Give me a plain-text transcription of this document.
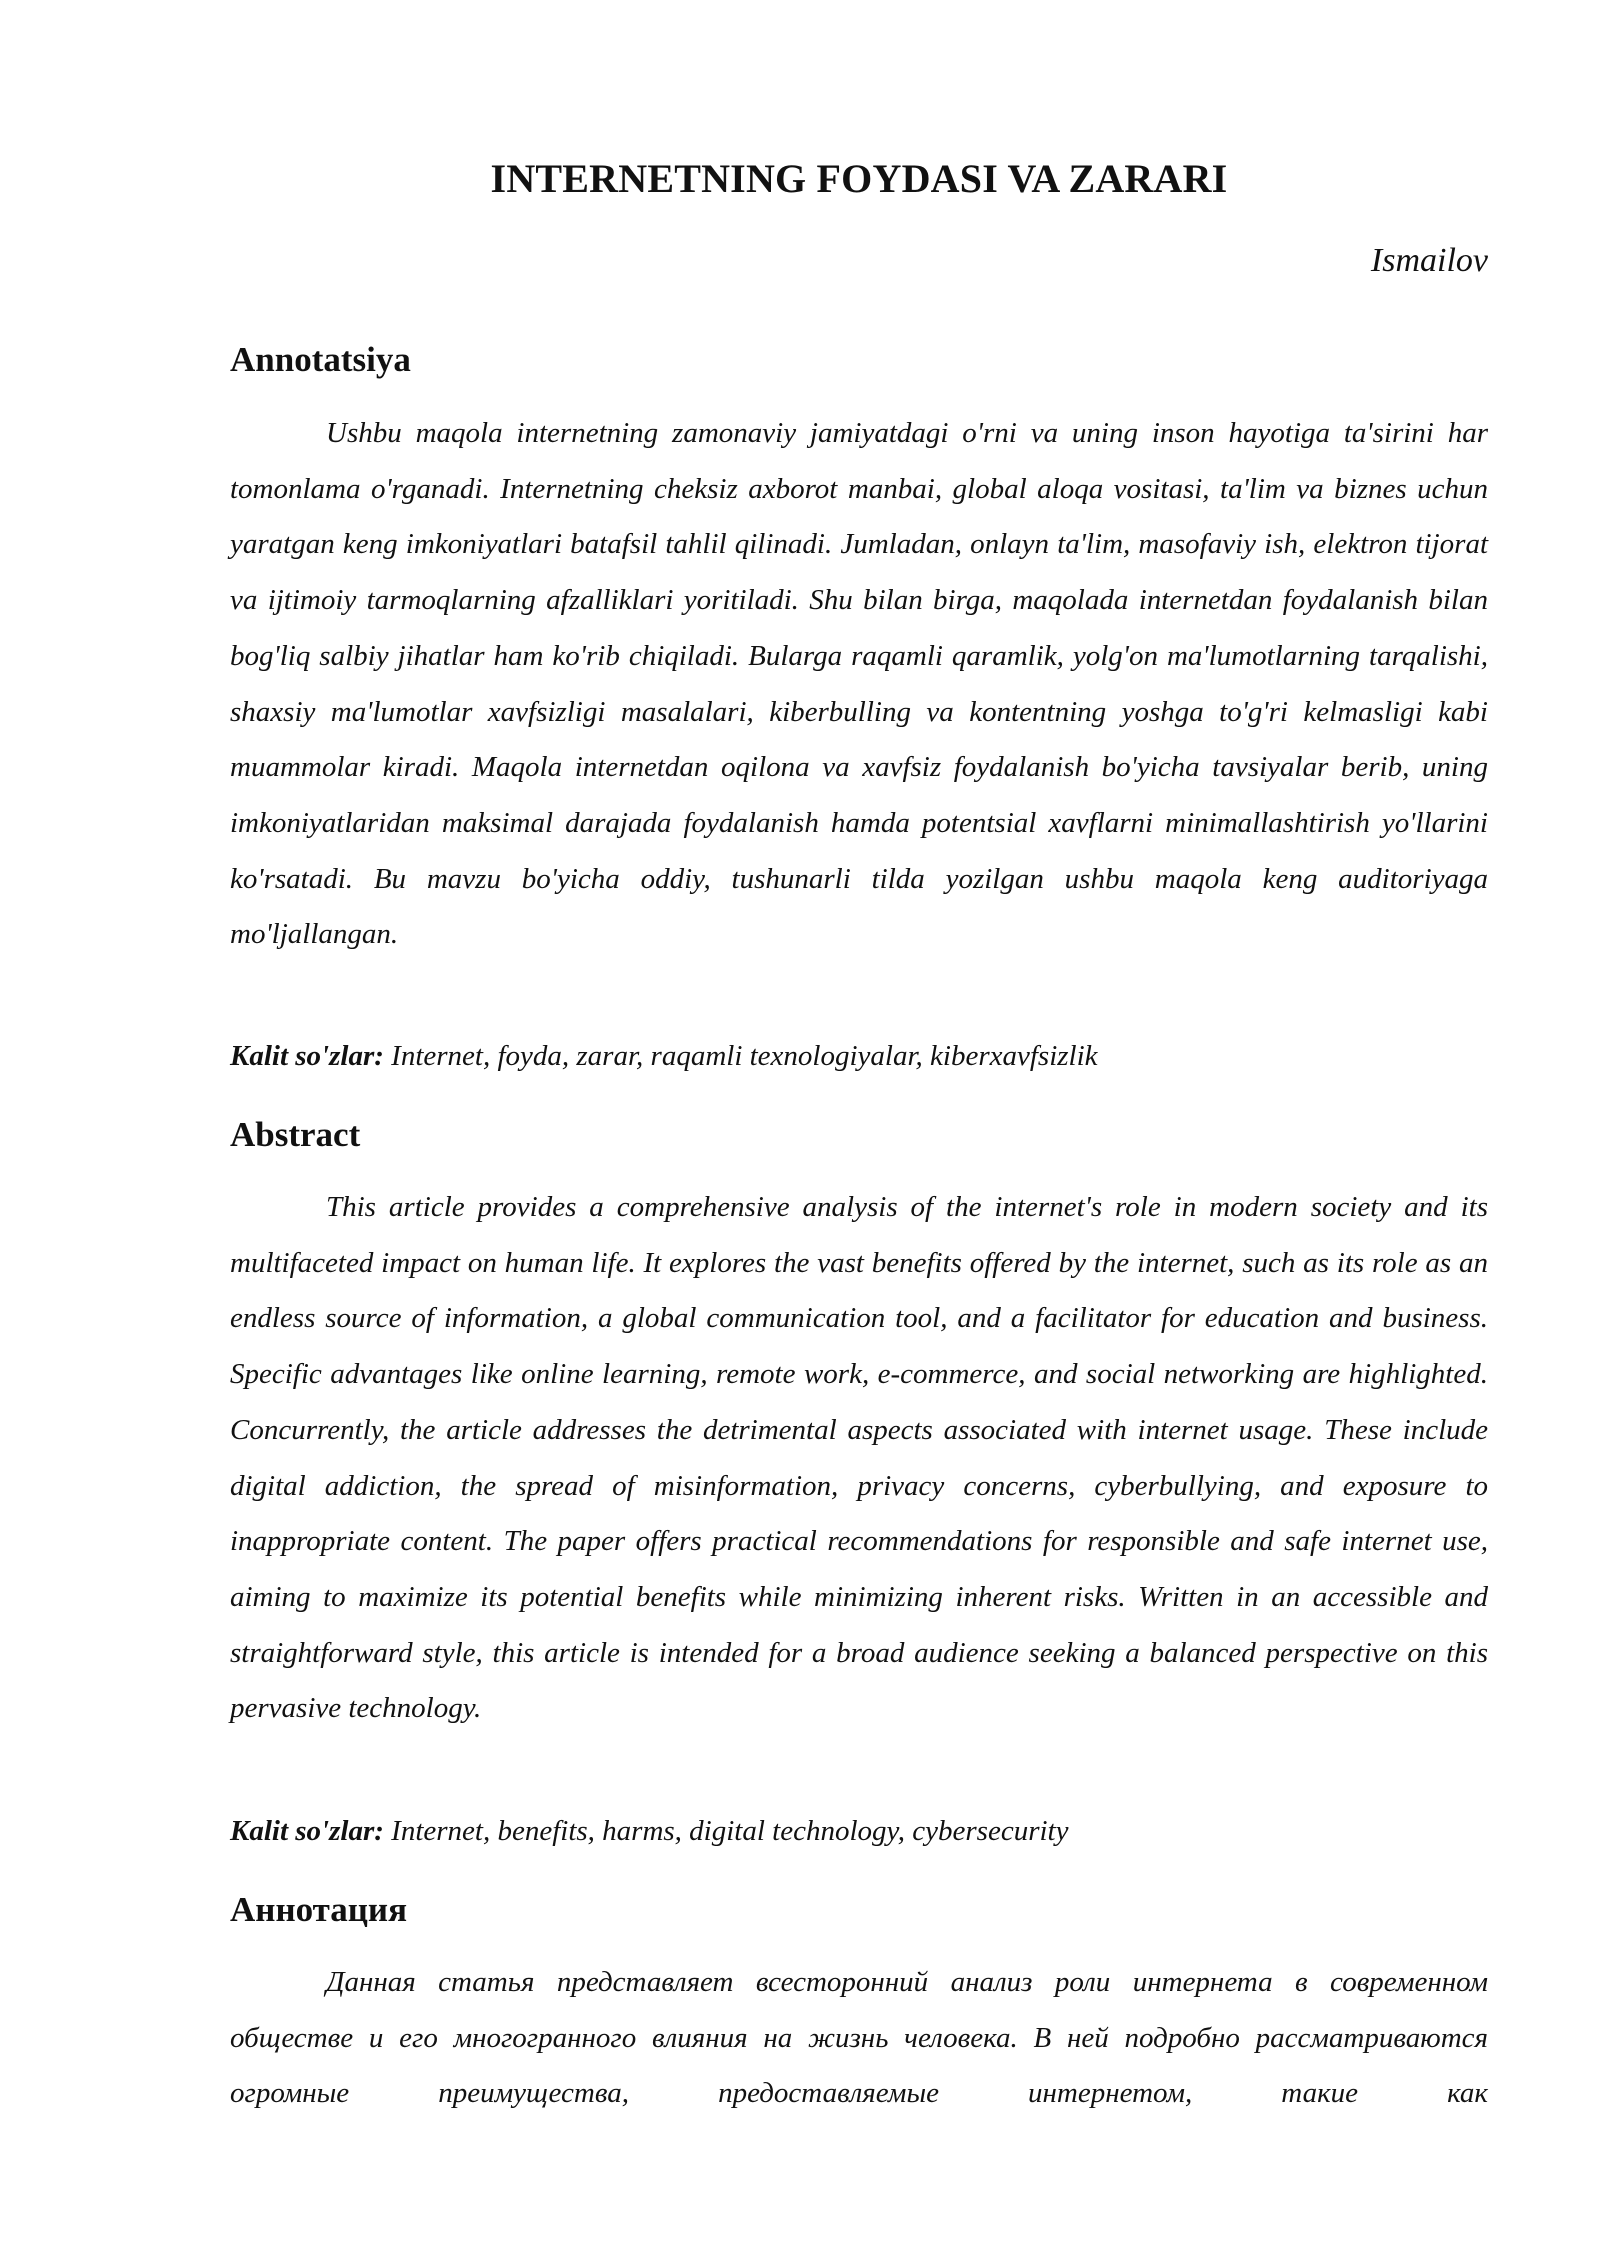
INTERNETNING FOYDASI VA ZARARI
Ismailov
Annotatsiya

Ushbu maqola internetning zamonaviy jamiyatdagi o'rni va uning inson hayotiga ta'sirini har tomonlama o'rganadi. Internetning cheksiz axborot manbai, global aloqa vositasi, ta'lim va biznes uchun yaratgan keng imkoniyatlari batafsil tahlil qilinadi. Jumladan, onlayn ta'lim, masofaviy ish, elektron tijorat va ijtimoiy tarmoqlarning afzalliklari yoritiladi. Shu bilan birga, maqolada internetdan foydalanish bilan bog'liq salbiy jihatlar ham ko'rib chiqiladi. Bularga raqamli qaramlik, yolg'on ma'lumotlarning tarqalishi, shaxsiy ma'lumotlar xavfsizligi masalalari, kiberbulling va kontentning yoshga to'g'ri kelmasligi kabi muammolar kiradi. Maqola internetdan oqilona va xavfsiz foydalanish bo'yicha tavsiyalar berib, uning imkoniyatlaridan maksimal darajada foydalanish hamda potentsial xavflarni minimallashtirish yo'llarini ko'rsatadi. Bu mavzu bo'yicha oddiy, tushunarli tilda yozilgan ushbu maqola keng auditoriyaga mo'ljallangan.

Kalit so'zlar: Internet, foyda, zarar, raqamli texnologiyalar, kiberxavfsizlik

Abstract

This article provides a comprehensive analysis of the internet's role in modern society and its multifaceted impact on human life. It explores the vast benefits offered by the internet, such as its role as an endless source of information, a global communication tool, and a facilitator for education and business. Specific advantages like online learning, remote work, e-commerce, and social networking are highlighted. Concurrently, the article addresses the detrimental aspects associated with internet usage. These include digital addiction, the spread of misinformation, privacy concerns, cyberbullying, and exposure to inappropriate content. The paper offers practical recommendations for responsible and safe internet use, aiming to maximize its potential benefits while minimizing inherent risks. Written in an accessible and straightforward style, this article is intended for a broad audience seeking a balanced perspective on this pervasive technology.

Kalit so'zlar: Internet, benefits, harms, digital technology, cybersecurity

Аннотация

Данная статья представляет всесторонний анализ роли интернета в современном обществе и его многогранного влияния на жизнь человека. В ней подробно рассматриваются огромные преимущества, предоставляемые интернетом, такие как
